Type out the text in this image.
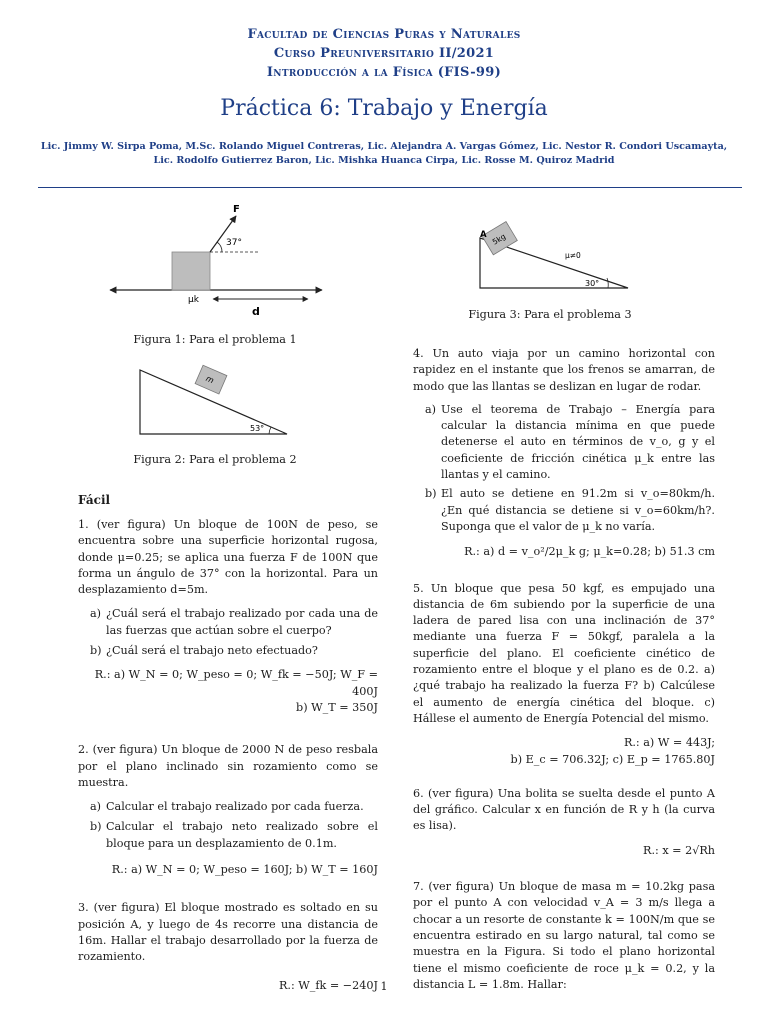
Facultad de Ciencias Puras y Naturales
Curso Preuniversitario II/2021
Introducción a la Física (FIS-99)
Práctica 6: Trabajo y Energía
Lic. Jimmy W. Sirpa Poma, M.Sc. Rolando Miguel Contreras, Lic. Alejandra A. Vargas Gómez, Lic. Nestor R. Condori Uscamayta,
Lic. Rodolfo Gutierrez Baron, Lic. Mishka Huanca Cirpa, Lic. Rosse M. Quiroz Madrid
F
37°
μk
d
Figura 1: Para el problema 1
m
53°
Figura 2: Para el problema 2
5kg
A
μ≠0
30°
Figura 3: Para el problema 3
Fácil

1. (ver figura) Un bloque de 100N de peso, se encuentra sobre una superficie horizontal rugosa, donde μ=0.25; se aplica una fuerza F de 100N que forma un ángulo de 37° con la horizontal. Para un desplazamiento d=5m.

a) ¿Cuál será el trabajo realizado por cada una de las fuerzas que actúan sobre el cuerpo?
b) ¿Cuál será el trabajo neto efectuado?

R.: a) W_N = 0; W_peso = 0; W_fk = −50J; W_F = 400J

b) W_T = 350J

2. (ver figura) Un bloque de 2000 N de peso resbala por el plano inclinado sin rozamiento como se muestra.

a) Calcular el trabajo realizado por cada fuerza.
b) Calcular el trabajo neto realizado sobre el bloque para un desplazamiento de 0.1m.

R.: a) W_N = 0; W_peso = 160J; b) W_T = 160J

3. (ver figura) El bloque mostrado es soltado en su posición A, y luego de 4s recorre una distancia de 16m. Hallar el trabajo desarrollado por la fuerza de rozamiento.

R.: W_fk = −240J

4. Un auto viaja por un camino horizontal con rapidez en el instante que los frenos se amarran, de modo que las llantas se deslizan en lugar de rodar.

a) Use el teorema de Trabajo – Energía para calcular la distancia mínima en que puede detenerse el auto en términos de v_o, g y el coeficiente de fricción cinética μ_k entre las llantas y el camino.
b) El auto se detiene en 91.2m si v_o=80km/h. ¿En qué distancia se detiene si v_o=60km/h?. Suponga que el valor de μ_k no varía.

R.: a) d = v_o²/2μ_k g; μ_k=0.28; b) 51.3 cm

5. Un bloque que pesa 50 kgf, es empujado una distancia de 6m subiendo por la superficie de una ladera de pared lisa con una inclinación de 37° mediante una fuerza F = 50kgf, paralela a la superficie del plano. El coeficiente cinético de rozamiento entre el bloque y el plano es de 0.2. a) ¿qué trabajo ha realizado la fuerza F? b) Calcúlese el aumento de energía cinética del bloque. c) Hállese el aumento de Energía Potencial del mismo.

R.: a) W = 443J;

b) E_c = 706.32J; c) E_p = 1765.80J

6. (ver figura) Una bolita se suelta desde el punto A del gráfico. Calcular x en función de R y h (la curva es lisa).

R.: x = 2√Rh

7. (ver figura) Un bloque de masa m = 10.2kg pasa por el punto A con velocidad v_A = 3 m/s llega a chocar a un resorte de constante k = 100N/m que se encuentra estirado en su largo natural, tal como se muestra en la Figura. Si todo el plano horizontal tiene el mismo coeficiente de roce μ_k = 0.2, y la distancia L = 1.8m. Hallar:

1
